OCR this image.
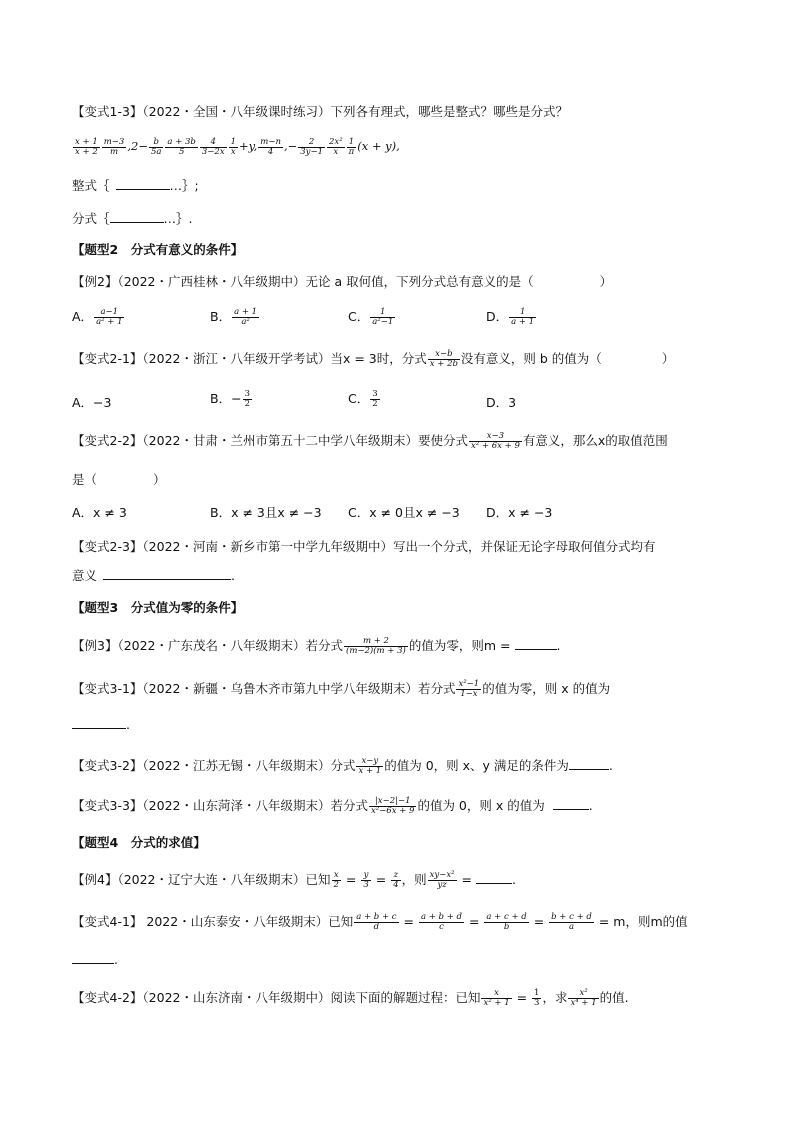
【变式1-3】（2022・全国・八年级课时练习）下列各有理式，哪些是整式？哪些是分式？
$\frac{x + 1}{x + 2} \frac{m-3}{m} ,2- \frac{b}{5a} \frac{a + 3b}{5} \frac{4}{3-2x} \frac{1}{x} +y$, $\frac{m-n}{4}$ ,− $\frac{2}{3y-1} \frac{\text{2x²}}{x} \frac{1}{\pi} (x + y)$,
整式｛	…｝;
分式｛	…｝.
【题型2　分式有意义的条件】
【例2】（2022・广西桂林・八年级期中）无论 a 取何值，下列分式总有意义的是（	）
A． $\frac{a-1}{\text{a² + 1}}$	B． $\frac{a + 1}{\text{a²}}$	C． $\frac{1}{\text{a²−1}}$	D． $\frac{1}{a + 1}$
【变式2-1】（2022・浙江・八年级开学考试）当x = 3时，分式 $\frac{x-b}{x + 2b}$ 没有意义，则 b 的值为（	）
A．−3	B．− $\frac{3}{2}$	C． $\frac{3}{2}$	D．3
【变式2-2】（2022・甘肃・兰州市第五十二中学八年级期末）要使分式 $\frac{x-3}{\text{x² + 6x + 9}}$ 有意义，那么x的取值范围
是（	）
A．x ≠ 3	B．x ≠ 3且x ≠ −3 C．x ≠ 0且x ≠ −3 D．x ≠ −3
【变式2-3】（2022・河南・新乡市第一中学九年级期中）写出一个分式，并保证无论字母取何值分式均有
意义	.
【题型3　分式值为零的条件】
【例3】（2022・广东茂名・八年级期末）若分式 $\frac{m + 2}{(m-2)(m + 3)}$ 的值为零，则m =	.
【变式3-1】（2022・新疆・乌鲁木齐市第九中学八年级期末）若分式 $\frac{\text{x²−1}}{1-x}$ 的值为零，则 x 的值为
.
【变式3-2】（2022・江苏无锡・八年级期末）分式 $\frac{x-y}{x + 1}$ 的值为 0，则 x、y 满足的条件为	.
【变式3-3】（2022・山东菏泽・八年级期末）若分式 $\frac{|x-2|-1}{\text{x²−6x + 9}}$ 的值为 0，则 x 的值为	.
【题型4　分式的求值】
【例4】（2022・辽宁大连・八年级期末）已知 $\frac{x}{2} = \frac{y}{3} = \frac{z}{4}$ ，则 $\frac{\text{xy−x²}}{yz}$ =	.
【变式4-1】 2022・山东泰安・八年级期末）已知 $\frac{a + b + c}{d} = \frac{a + b + d}{c} = \frac{a + c + d}{b} = \frac{b + c + d}{a} = m$，则m的值
.
【变式4-2】（2022・山东济南・八年级期中）阅读下面的解题过程：已知 $\frac{x}{\text{x² + 1}} = \frac{1}{3}$ ，求 $\frac{\text{x²}}{\text{x⁴ + 1}}$ 的值.
